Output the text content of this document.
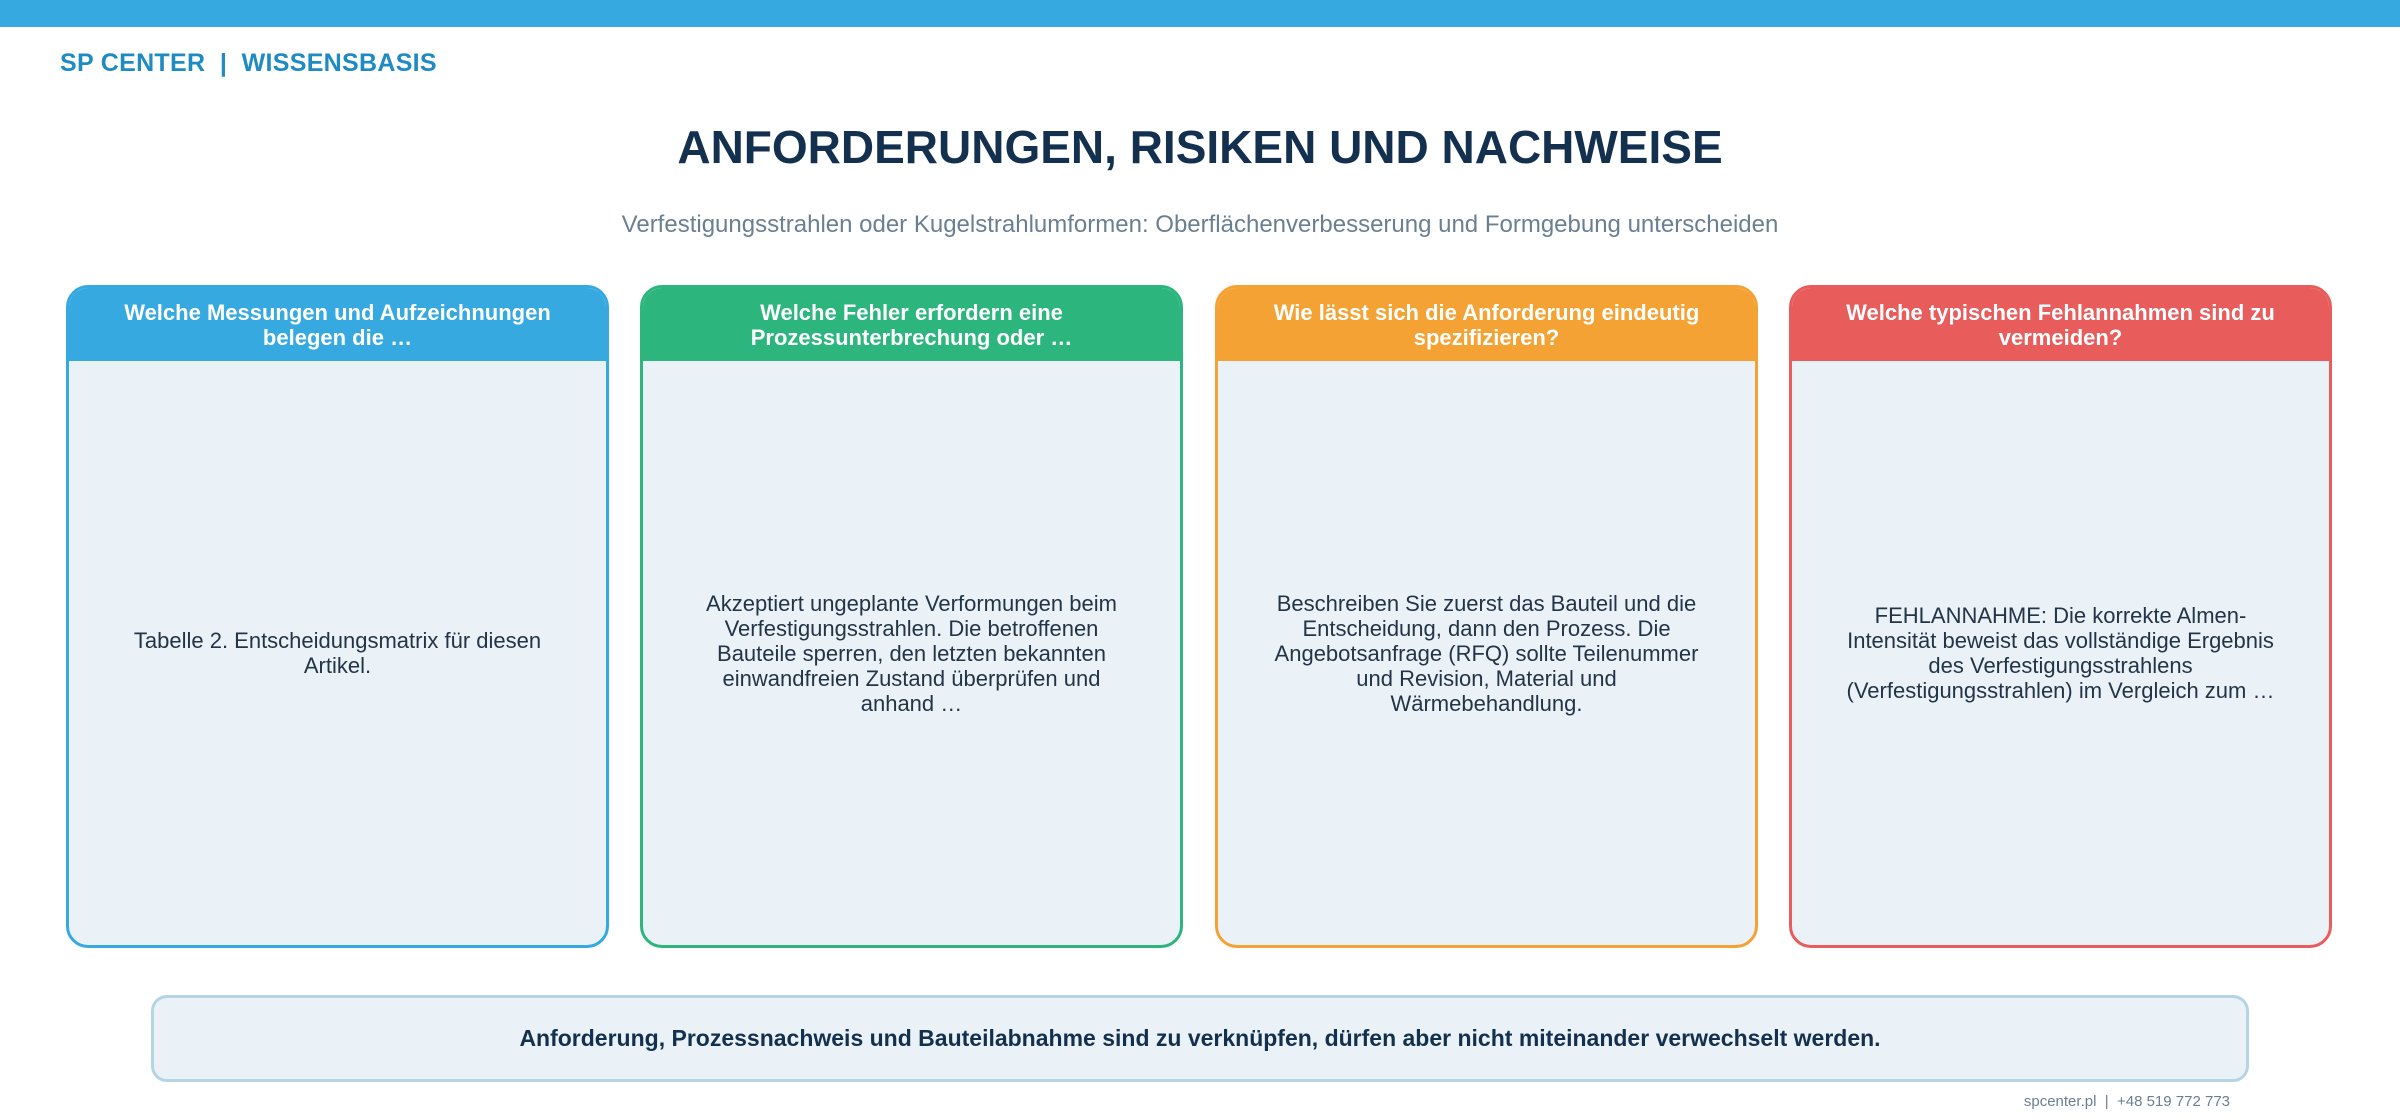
SP CENTER  |  WISSENSBASIS
ANFORDERUNGEN, RISIKEN UND NACHWEISE
Verfestigungsstrahlen oder Kugelstrahlumformen: Oberflächenverbesserung und Formgebung unterscheiden
Welche Messungen und Aufzeichnungen belegen die …
Tabelle 2. Entscheidungsmatrix für diesen Artikel.
Welche Fehler erfordern eine Prozessunterbrechung oder …
Akzeptiert ungeplante Verformungen beim Verfestigungsstrahlen. Die betroffenen Bauteile sperren, den letzten bekannten einwandfreien Zustand überprüfen und anhand …
Wie lässt sich die Anforderung eindeutig spezifizieren?
Beschreiben Sie zuerst das Bauteil und die Entscheidung, dann den Prozess. Die Angebotsanfrage (RFQ) sollte Teilenummer und Revision, Material und Wärmebehandlung.
Welche typischen Fehlannahmen sind zu vermeiden?
FEHLANNAHME: Die korrekte Almen-Intensität beweist das vollständige Ergebnis des Verfestigungsstrahlens (Verfestigungsstrahlen) im Vergleich zum …
Anforderung, Prozessnachweis und Bauteilabnahme sind zu verknüpfen, dürfen aber nicht miteinander verwechselt werden.
spcenter.pl  |  +48 519 772 773
